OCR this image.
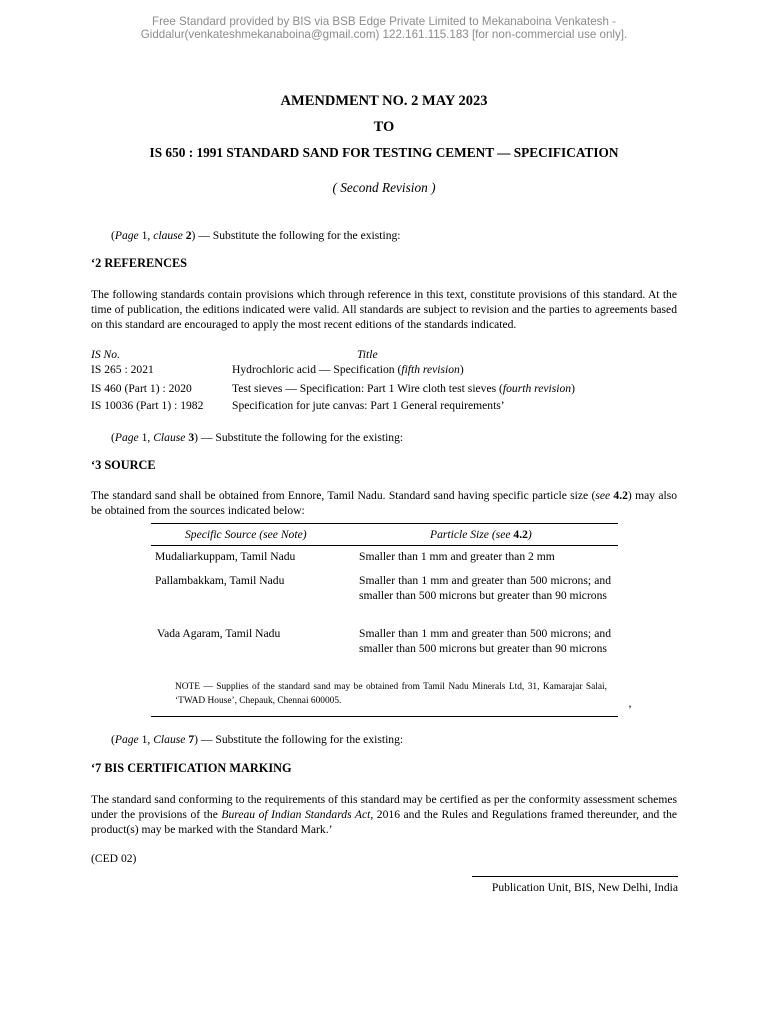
Free Standard provided by BIS via BSB Edge Private Limited to Mekanaboina Venkatesh -
Giddalur(venkateshmekanaboina@gmail.com) 122.161.115.183 [for non-commercial use only].
AMENDMENT NO. 2 MAY 2023
TO
IS 650 : 1991 STANDARD SAND FOR TESTING CEMENT — SPECIFICATION
( Second Revision )
(Page 1, clause 2) — Substitute the following for the existing:
‘2 REFERENCES
The following standards contain provisions which through reference in this text, constitute provisions of this standard. At the time of publication, the editions indicated were valid. All standards are subject to revision and the parties to agreements based on this standard are encouraged to apply the most recent editions of the standards indicated.
IS No.	Title
IS 265 : 2021	Hydrochloric acid — Specification (fifth revision)
IS 460 (Part 1) : 2020	Test sieves — Specification: Part 1 Wire cloth test sieves (fourth revision)
IS 10036 (Part 1) : 1982 Specification for jute canvas: Part 1 General requirements’
(Page 1, Clause 3) — Substitute the following for the existing:
‘3 SOURCE
The standard sand shall be obtained from Ennore, Tamil Nadu. Standard sand having specific particle size (see 4.2) may also be obtained from the sources indicated below:
Specific Source (see Note)	Particle Size (see 4.2)
Mudaliarkuppam, Tamil Nadu	Smaller than 1 mm and greater than 2 mm
Pallambakkam, Tamil Nadu	Smaller than 1 mm and greater than 500 microns; and smaller than 500 microns but greater than 90 microns
Vada Agaram, Tamil Nadu	Smaller than 1 mm and greater than 500 microns; and smaller than 500 microns but greater than 90 microns
NOTE — Supplies of the standard sand may be obtained from Tamil Nadu Minerals Ltd, 31, Kamarajar Salai, ‘TWAD House’, Chepauk, Chennai 600005.
’
(Page 1, Clause 7) — Substitute the following for the existing:
‘7 BIS CERTIFICATION MARKING
The standard sand conforming to the requirements of this standard may be certified as per the conformity assessment schemes under the provisions of the Bureau of Indian Standards Act, 2016 and the Rules and Regulations framed thereunder, and the product(s) may be marked with the Standard Mark.’
(CED 02)
Publication Unit, BIS, New Delhi, India
